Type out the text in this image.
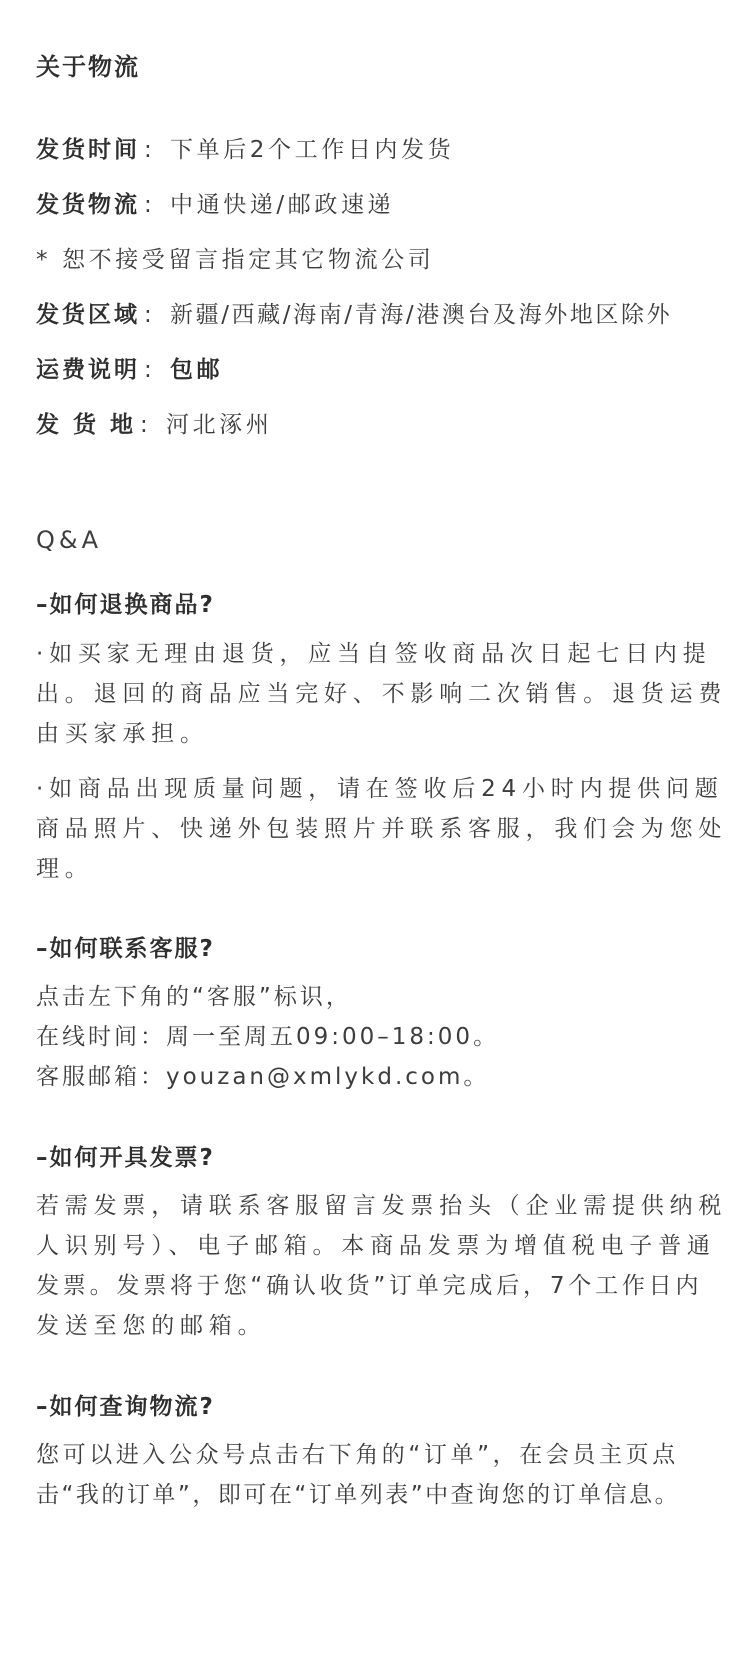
关于物流
发货时间 : 下单后2个工作日内发货
发货物流 : 中通快递/邮政速递
* 恕不接受留言指定其它物流公司
发货区域 : 新疆/西藏/海南/青海/港澳台及海外地区除外
运费说明 : 包邮
发 货 地 : 河北涿州
Q&A
–如何退换商品?
·如买家无理由退货，应当自签收商品次日起七日内提
出。退回的商品应当完好、不影响二次销售。退货运费
由买家承担。
·如商品出现质量问题，请在签收后24小时内提供问题
商品照片、快递外包装照片并联系客服，我们会为您处
理。
–如何联系客服?
点击左下角的“客服”标识，
在线时间：周一至周五09:00–18:00。
客服邮箱：youzan@xmlykd.com。
–如何开具发票?
若需发票，请联系客服留言发票抬头（企业需提供纳税
人识别号）、电子邮箱。本商品发票为增值税电子普通
发票。发票将于您“确认收货”订单完成后，7个工作日内
发送至您的邮箱。
–如何查询物流?
您可以进入公众号点击右下角的“订单”，在会员主页点
击“我的订单”，即可在“订单列表”中查询您的订单信息。
